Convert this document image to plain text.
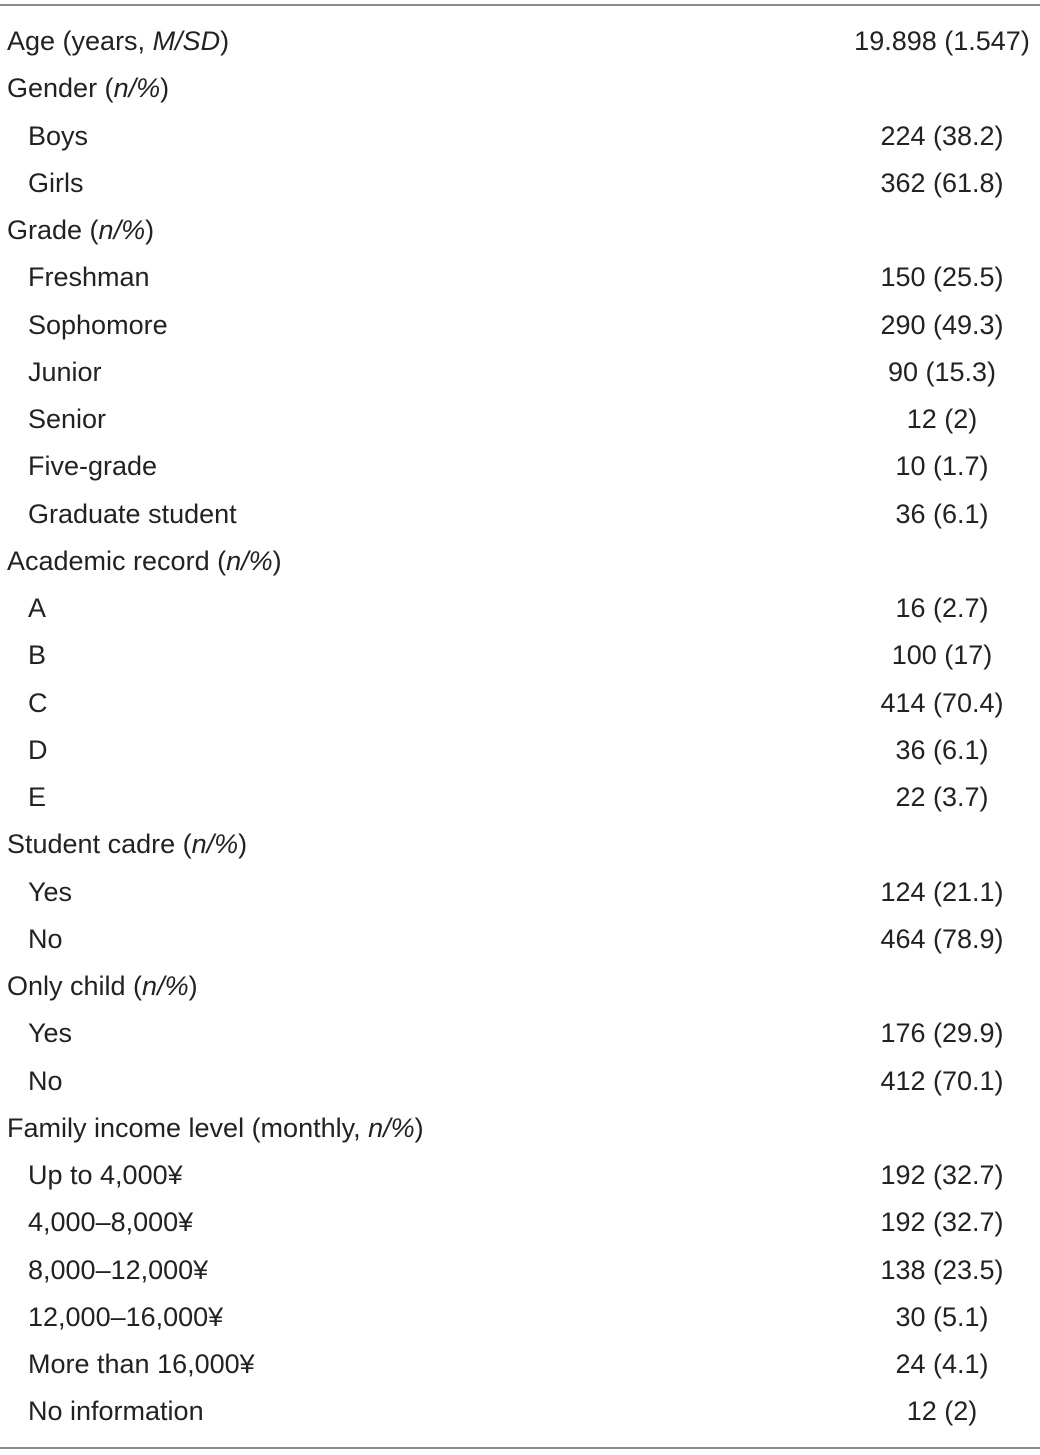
Age (years, M/SD)	19.898 (1.547)
Gender (n/%)
Boys	224 (38.2)
Girls	362 (61.8)
Grade (n/%)
Freshman	150 (25.5)
Sophomore	290 (49.3)
Junior	90 (15.3)
Senior	12 (2)
Five-grade	10 (1.7)
Graduate student	36 (6.1)
Academic record (n/%)
A	16 (2.7)
B	100 (17)
C	414 (70.4)
D	36 (6.1)
E	22 (3.7)
Student cadre (n/%)
Yes	124 (21.1)
No	464 (78.9)
Only child (n/%)
Yes	176 (29.9)
No	412 (70.1)
Family income level (monthly, n/%)
Up to 4,000¥	192 (32.7)
4,000–8,000¥	192 (32.7)
8,000–12,000¥	138 (23.5)
12,000–16,000¥	30 (5.1)
More than 16,000¥	24 (4.1)
No information	12 (2)
